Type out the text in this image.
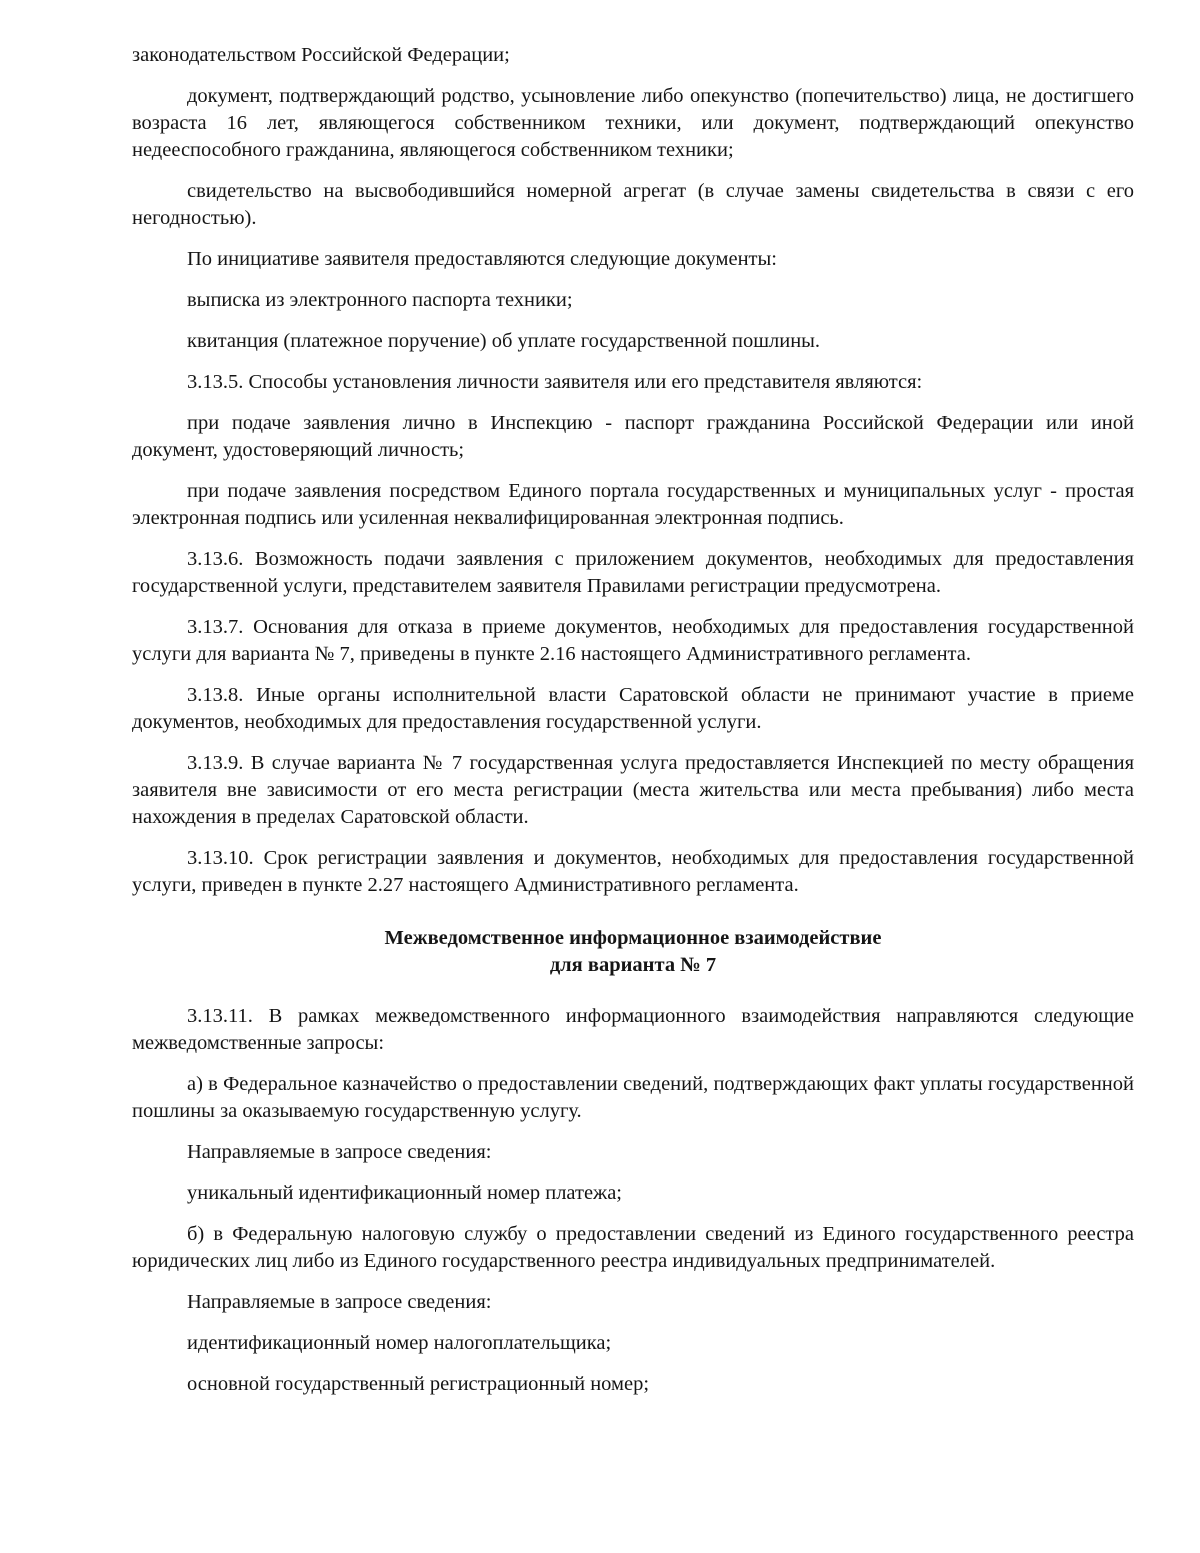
законодательством Российской Федерации;

документ, подтверждающий родство, усыновление либо опекунство (попечительство) лица, не достигшего возраста 16 лет, являющегося собственником техники, или документ, подтверждающий опекунство недееспособного гражданина, являющегося собственником техники;

свидетельство на высвободившийся номерной агрегат (в случае замены свидетельства в связи с его негодностью).

По инициативе заявителя предоставляются следующие документы:

выписка из электронного паспорта техники;

квитанция (платежное поручение) об уплате государственной пошлины.

3.13.5. Способы установления личности заявителя или его представителя являются:

при подаче заявления лично в Инспекцию - паспорт гражданина Российской Федерации или иной документ, удостоверяющий личность;

при подаче заявления посредством Единого портала государственных и муниципальных услуг - простая электронная подпись или усиленная неквалифицированная электронная подпись.

3.13.6. Возможность подачи заявления с приложением документов, необходимых для предоставления государственной услуги, представителем заявителя Правилами регистрации предусмотрена.

3.13.7. Основания для отказа в приеме документов, необходимых для предоставления государственной услуги для варианта № 7, приведены в пункте 2.16 настоящего Административного регламента.

3.13.8. Иные органы исполнительной власти Саратовской области не принимают участие в приеме документов, необходимых для предоставления государственной услуги.

3.13.9. В случае варианта № 7 государственная услуга предоставляется Инспекцией по месту обращения заявителя вне зависимости от его места регистрации (места жительства или места пребывания) либо места нахождения в пределах Саратовской области.

3.13.10. Срок регистрации заявления и документов, необходимых для предоставления государственной услуги, приведен в пункте 2.27 настоящего Административного регламента.

Межведомственное информационное взаимодействие
для варианта № 7

3.13.11. В рамках межведомственного информационного взаимодействия направляются следующие межведомственные запросы:

а) в Федеральное казначейство о предоставлении сведений, подтверждающих факт уплаты государственной пошлины за оказываемую государственную услугу.

Направляемые в запросе сведения:

уникальный идентификационный номер платежа;

б) в Федеральную налоговую службу о предоставлении сведений из Единого государственного реестра юридических лиц либо из Единого государственного реестра индивидуальных предпринимателей.

Направляемые в запросе сведения:

идентификационный номер налогоплательщика;

основной государственный регистрационный номер;
